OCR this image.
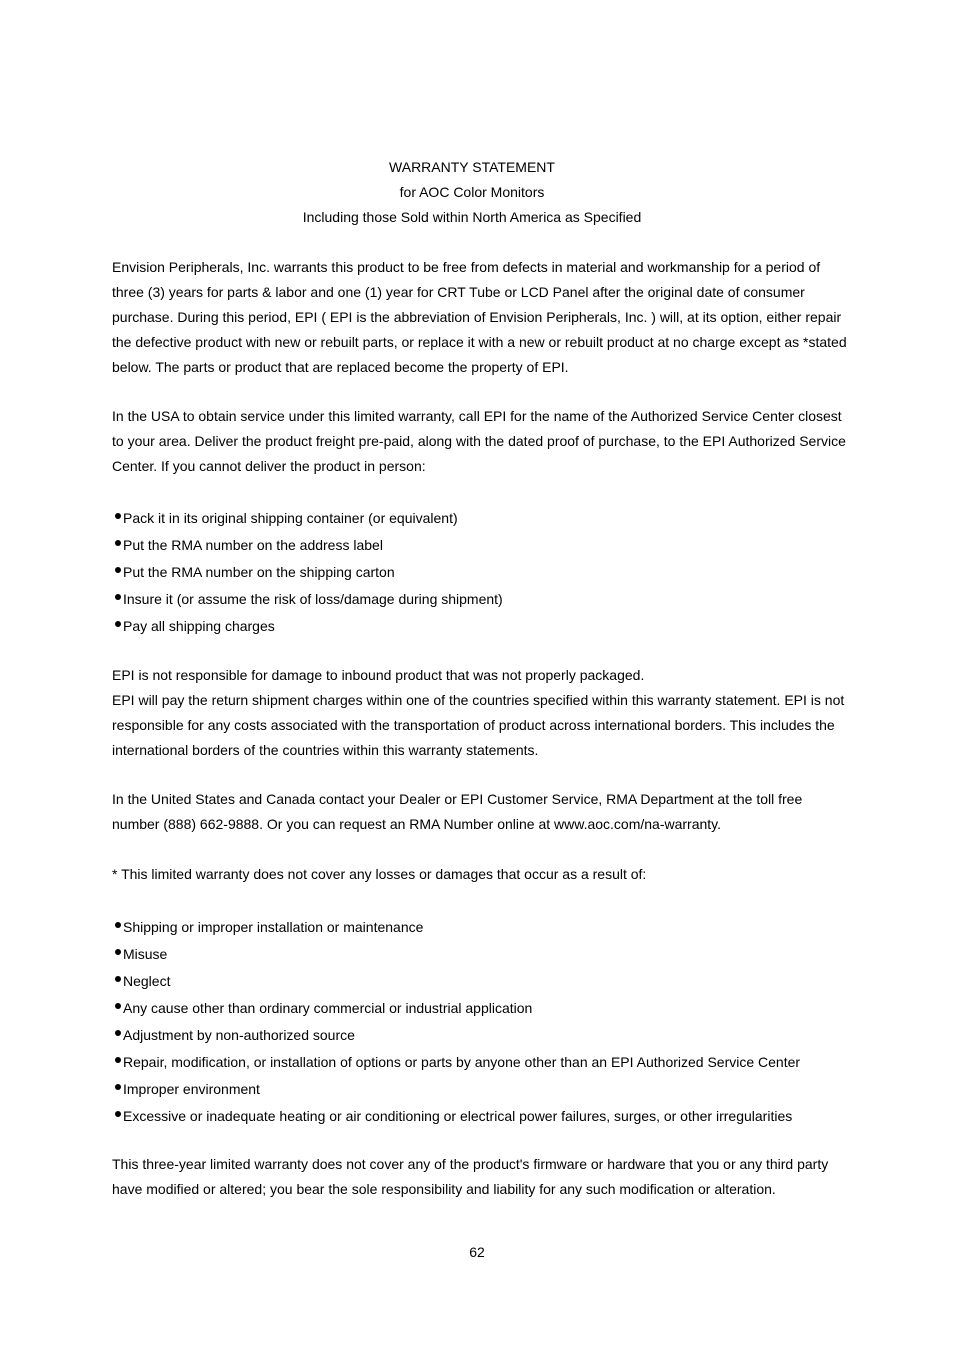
WARRANTY STATEMENT
for AOC Color Monitors
Including those Sold within North America as Specified

Envision Peripherals, Inc. warrants this product to be free from defects in material and workmanship for a period of three (3) years for parts & labor and one (1) year for CRT Tube or LCD Panel after the original date of consumer purchase. During this period, EPI ( EPI is the abbreviation of Envision Peripherals, Inc. ) will, at its option, either repair the defective product with new or rebuilt parts, or replace it with a new or rebuilt product at no charge except as *stated below. The parts or product that are replaced become the property of EPI.

In the USA to obtain service under this limited warranty, call EPI for the name of the Authorized Service Center closest to your area. Deliver the product freight pre-paid, along with the dated proof of purchase, to the EPI Authorized Service Center. If you cannot deliver the product in person:

Pack it in its original shipping container (or equivalent)
Put the RMA number on the address label
Put the RMA number on the shipping carton
Insure it (or assume the risk of loss/damage during shipment)
Pay all shipping charges

EPI is not responsible for damage to inbound product that was not properly packaged.

EPI will pay the return shipment charges within one of the countries specified within this warranty statement. EPI is not responsible for any costs associated with the transportation of product across international borders. This includes the international borders of the countries within this warranty statements.

In the United States and Canada contact your Dealer or EPI Customer Service, RMA Department at the toll free number (888) 662-9888. Or you can request an RMA Number online at www.aoc.com/na-warranty.

* This limited warranty does not cover any losses or damages that occur as a result of:

Shipping or improper installation or maintenance
Misuse
Neglect
Any cause other than ordinary commercial or industrial application
Adjustment by non-authorized source
Repair, modification, or installation of options or parts by anyone other than an EPI Authorized Service Center
Improper environment
Excessive or inadequate heating or air conditioning or electrical power failures, surges, or other irregularities

This three-year limited warranty does not cover any of the product's firmware or hardware that you or any third party have modified or altered; you bear the sole responsibility and liability for any such modification or alteration.

62
